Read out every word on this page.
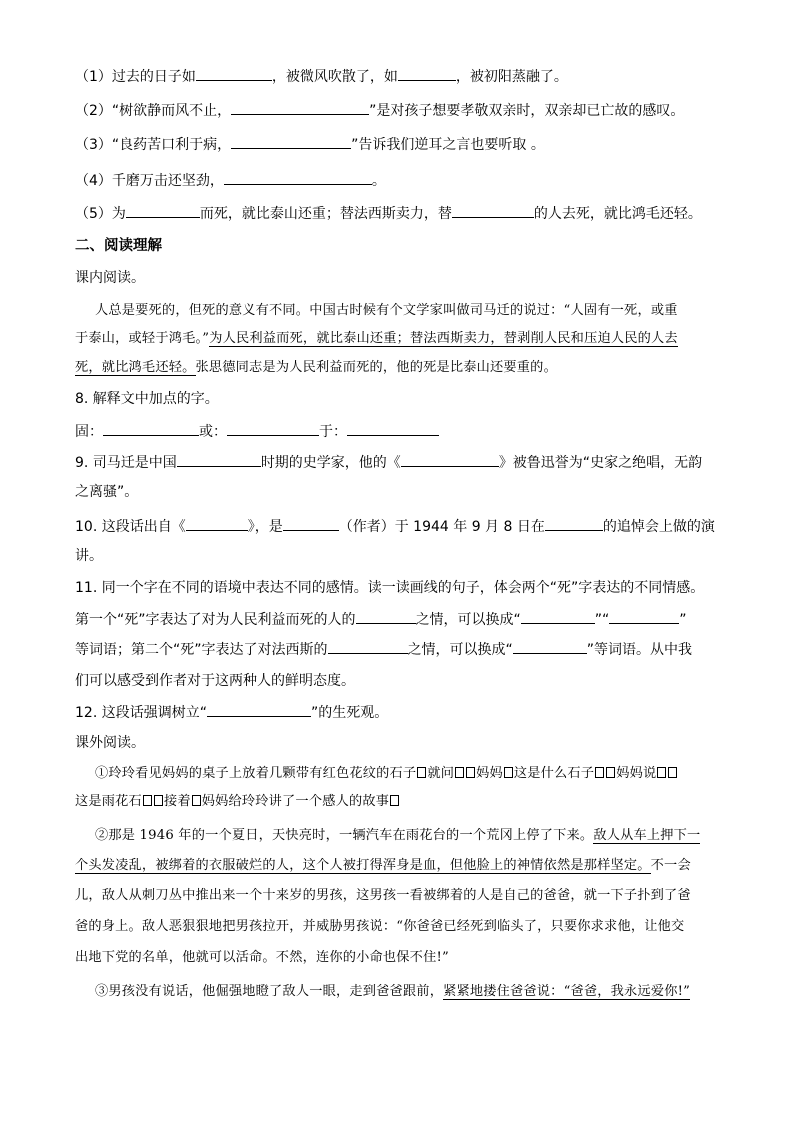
（1）过去的日子如	，被微风吹散了，如	，被初阳蒸融了。
（2）“树欲静而风不止，	”是对孩子想要孝敬双亲时，双亲却已亡故的感叹。
（3）“良药苦口利于病，	”告诉我们逆耳之言也要听取 。
（4）千磨万击还坚劲，	。
（5）为	而死，就比泰山还重；替法西斯卖力，替	的人去死，就比鸿毛还轻。
二、阅读理解
课内阅读。
人总是要死的，但死的意义有不同。中国古时候有个文学家叫做司马迁的说过：“人固有一死，或重
于泰山，或轻于鸿毛。”为人民利益而死，就比泰山还重；替法西斯卖力，替剥削人民和压迫人民的人去
死，就比鸿毛还轻。张思德同志是为人民利益而死的，他的死是比泰山还要重的。
8. 解释文中加点的字。
固：	或：	于：
9. 司马迁是中国	时期的史学家，他的《	》被鲁迅誉为“史家之绝唱，无韵
之离骚”。
10. 这段话出自《	》，是	（作者）于 1944 年 9 月 8 日在	的追悼会上做的演
讲。
11. 同一个字在不同的语境中表达不同的感情。读一读画线的句子，体会两个“死”字表达的不同情感。
第一个“死”字表达了对为人民利益而死的人的	之情，可以换成“	”“	”
等词语；第二个“死”字表达了对法西斯的	之情，可以换成“	”等词语。从中我
们可以感受到作者对于这两种人的鲜明态度。
12. 这段话强调树立“	”的生死观。
课外阅读。
①玲玲看见妈妈的桌子上放着几颗带有红色花纹的石子 就问 妈妈 这是什么石子 妈妈说
这是雨花石 接着 妈妈给玲玲讲了一个感人的故事
②那是 1946 年的一个夏日，天快亮时，一辆汽车在雨花台的一个荒冈上停了下来。敌人从车上押下一
个头发凌乱，被绑着的衣服破烂的人，这个人被打得浑身是血，但他脸上的神情依然是那样坚定。不一会
儿，敌人从刺刀丛中推出来一个十来岁的男孩，这男孩一看被绑着的人是自己的爸爸，就一下子扑到了爸
爸的身上。敌人恶狠狠地把男孩拉开，并威胁男孩说：“你爸爸已经死到临头了，只要你求求他，让他交
出地下党的名单，他就可以活命。不然，连你的小命也保不住!”
③男孩没有说话，他倔强地瞪了敌人一眼，走到爸爸跟前，紧紧地搂住爸爸说：“爸爸，我永远爱你!”
